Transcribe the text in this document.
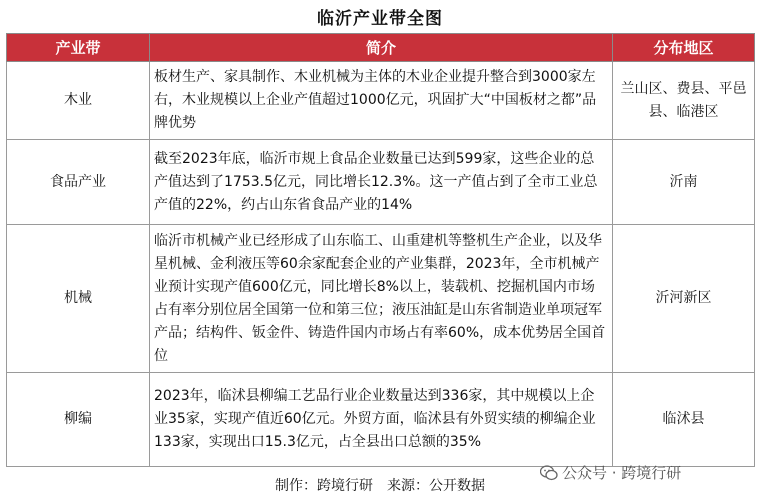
临沂产业带全图
产业带	简介	分布地区
木业	板材生产、家具制作、木业机械为主体的木业企业提升整合到3000家左右，木业规模以上企业产值超过1000亿元，巩固扩大“中国板材之都”品牌优势	兰山区、费县、平邑县、临港区
食品产业	截至2023年底，临沂市规上食品企业数量已达到599家，这些企业的总产值达到了1753.5亿元，同比增长12.3%。这一产值占到了全市工业总产值的22%，约占山东省食品产业的14%	沂南
机械	临沂市机械产业已经形成了山东临工、山重建机等整机生产企业，以及华星机械、金利液压等60余家配套企业的产业集群，2023年，全市机械产业预计实现产值600亿元，同比增长8%以上，装载机、挖掘机国内市场占有率分别位居全国第一位和第三位；液压油缸是山东省制造业单项冠军产品；结构件、钣金件、铸造件国内市场占有率60%，成本优势居全国首位	沂河新区
柳编	2023年，临沭县柳编工艺品行业企业数量达到336家，其中规模以上企业35家，实现产值近60亿元。外贸方面，临沭县有外贸实绩的柳编企业133家，实现出口15.3亿元，占全县出口总额的35%	临沭县
制作：跨境行研　来源：公开数据
公众号 · 跨境行研
